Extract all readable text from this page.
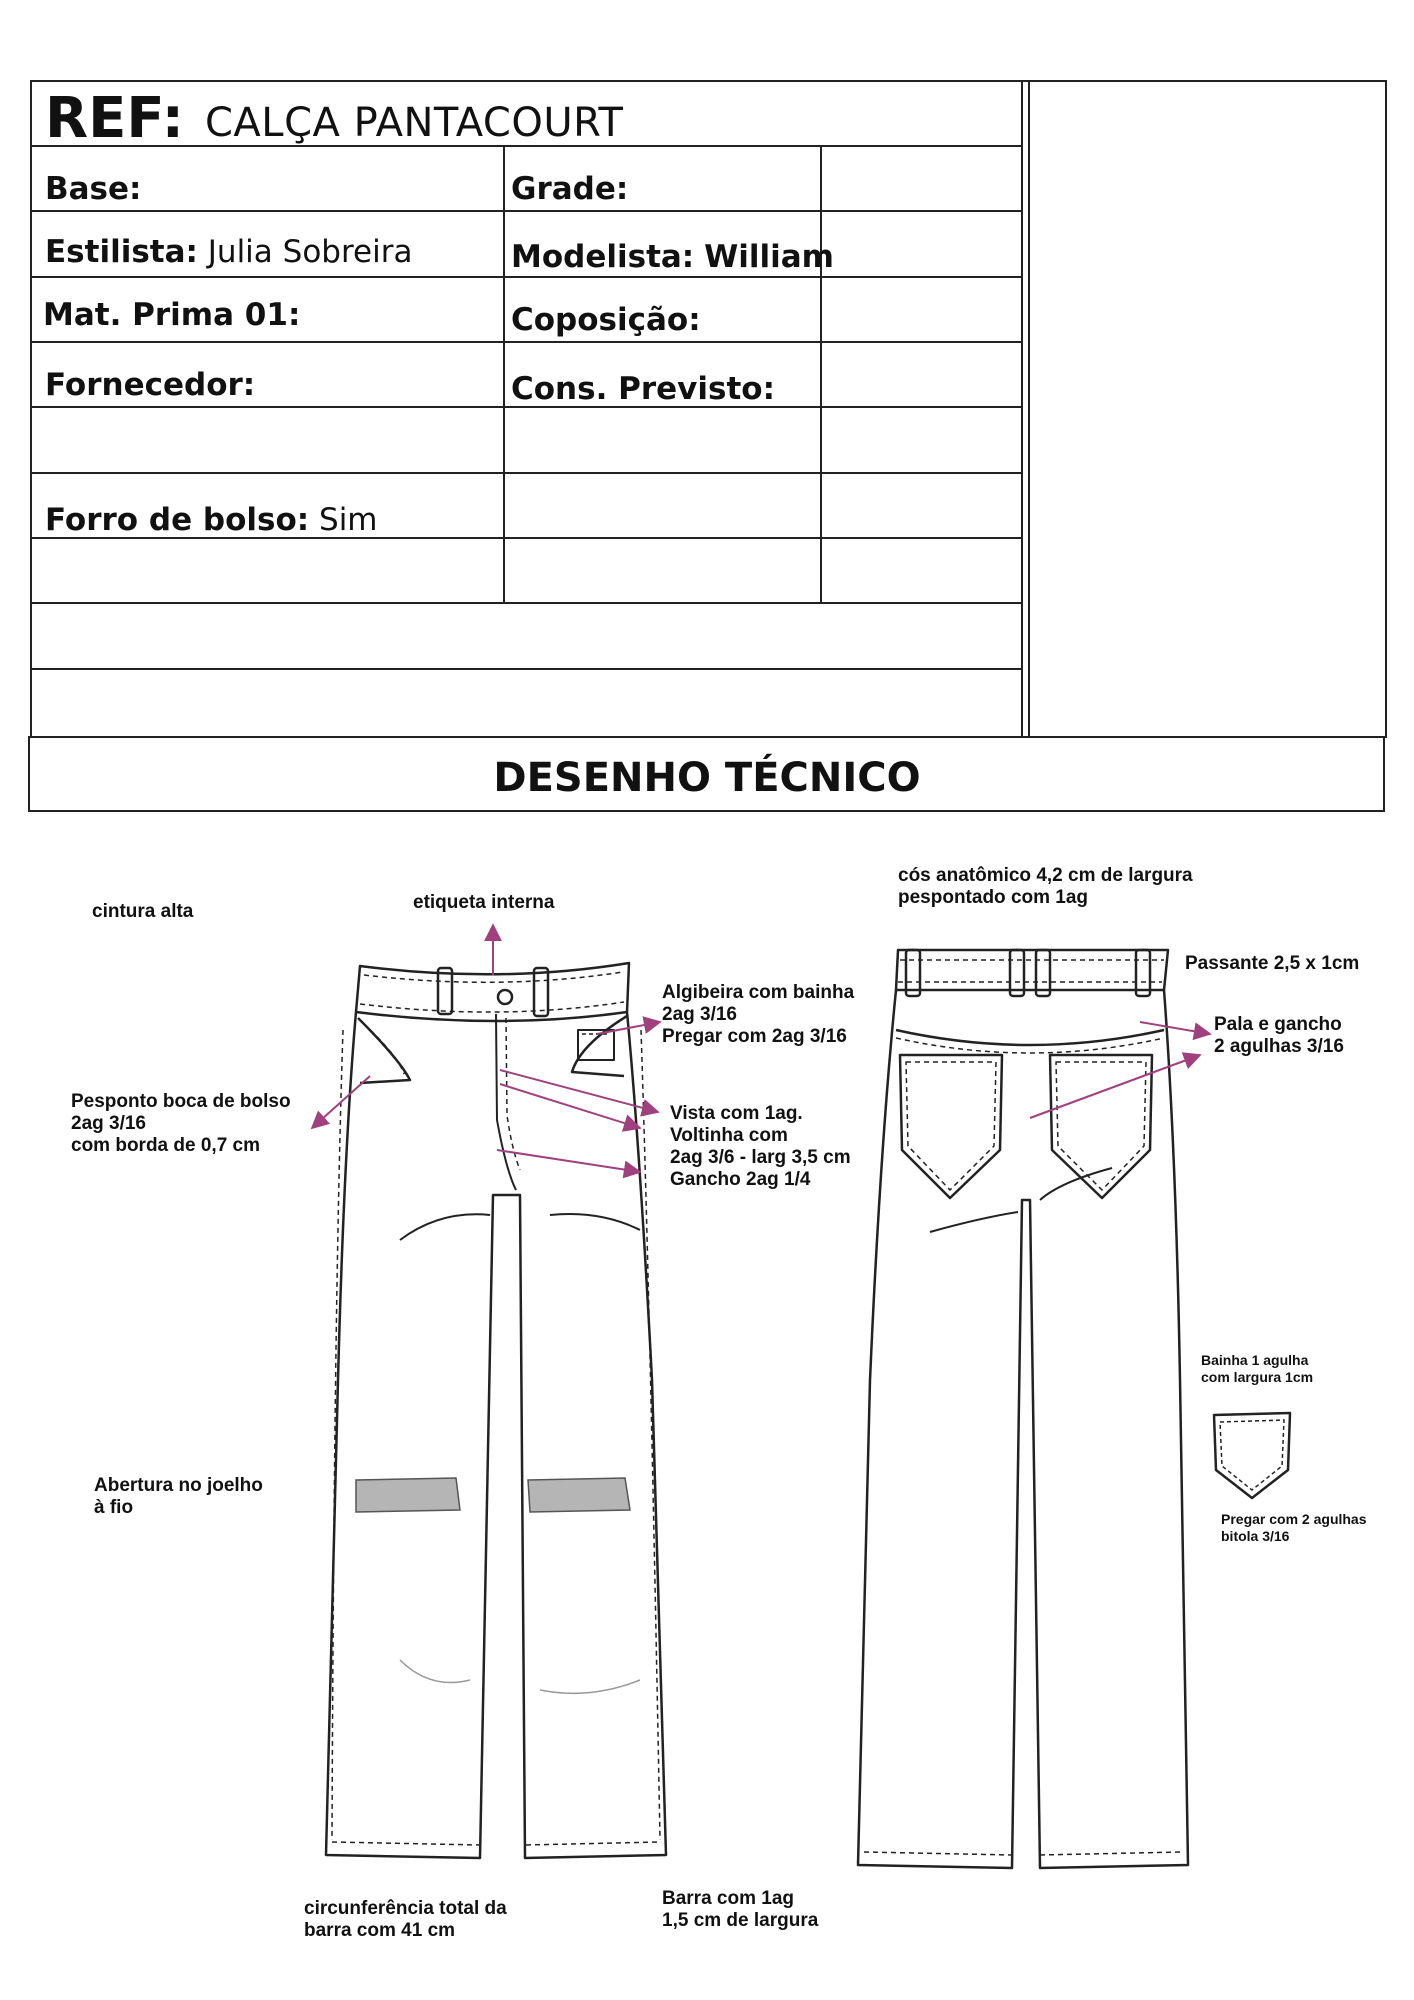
REF: CALÇA PANTACOURT
Base:	Grade:
Estilista: Julia Sobreira	Modelista: William
Mat. Prima 01:	Coposição:
Fornecedor:	Cons. Previsto:
Forro de bolso: Sim
DESENHO TÉCNICO
cintura alta	etiqueta interna
Algibeira com bainha
2ag 3/16
Pregar com 2ag 3/16
Pesponto boca de bolso
2ag 3/16
com borda de 0,7 cm
Vista com 1ag.
Voltinha com
2ag 3/6 - larg 3,5 cm
Gancho 2ag 1/4
Abertura no joelho
à fio
circunferência total da
barra com 41 cm
Barra com 1ag
1,5 cm de largura
cós anatômico 4,2 cm de largura
pespontado com 1ag
Passante 2,5 x 1cm
Pala e gancho
2 agulhas 3/16
Bainha 1 agulha
com largura 1cm
Pregar com 2 agulhas
bitola 3/16
